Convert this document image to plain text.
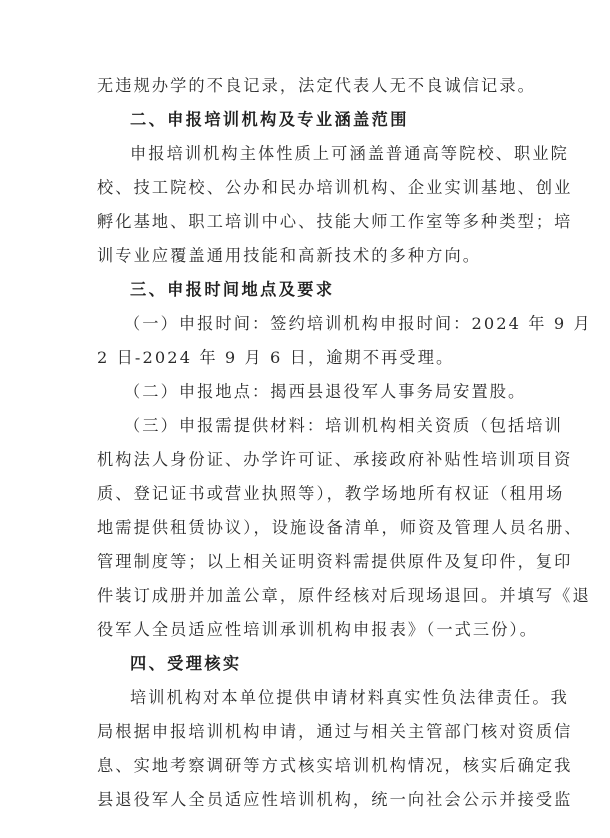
无违规办学的不良记录，法定代表人无不良诚信记录。
二、申报培训机构及专业涵盖范围
申报培训机构主体性质上可涵盖普通高等院校、职业院
校、技工院校、公办和民办培训机构、企业实训基地、创业
孵化基地、职工培训中心、技能大师工作室等多种类型；培
训专业应覆盖通用技能和高新技术的多种方向。
三、申报时间地点及要求
（一）申报时间：签约培训机构申报时间：2024 年 9 月
2 日-2024 年 9 月 6 日，逾期不再受理。
（二）申报地点：揭西县退役军人事务局安置股。
（三）申报需提供材料：培训机构相关资质（包括培训
机构法人身份证、办学许可证、承接政府补贴性培训项目资
质、登记证书或营业执照等），教学场地所有权证（租用场
地需提供租赁协议），设施设备清单，师资及管理人员名册、
管理制度等；以上相关证明资料需提供原件及复印件，复印
件装订成册并加盖公章，原件经核对后现场退回。并填写《退
役军人全员适应性培训承训机构申报表》（一式三份）。
四、受理核实
培训机构对本单位提供申请材料真实性负法律责任。我
局根据申报培训机构申请，通过与相关主管部门核对资质信
息、实地考察调研等方式核实培训机构情况，核实后确定我
县退役军人全员适应性培训机构，统一向社会公示并接受监
